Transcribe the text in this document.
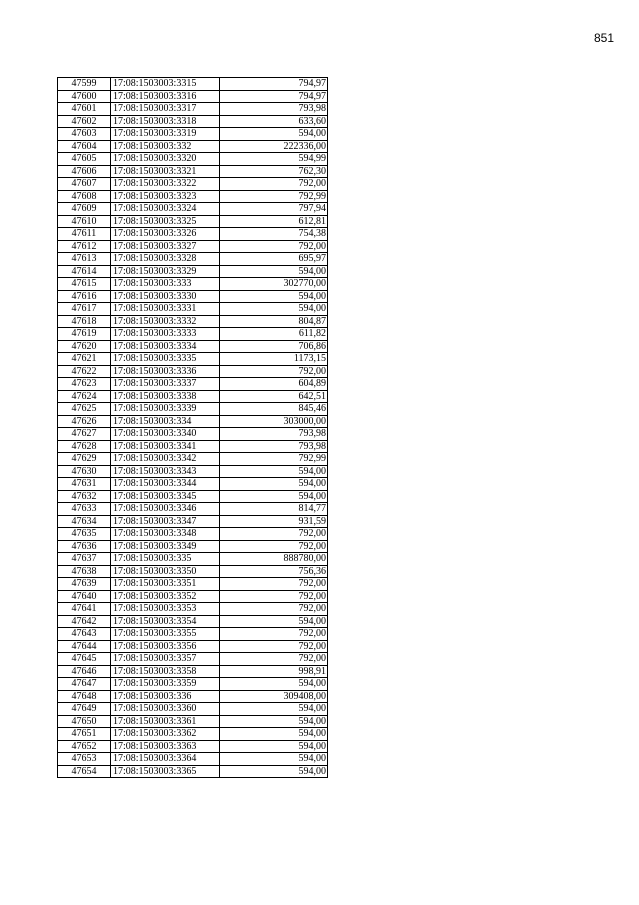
851
47599	17:08:1503003:3315	794,97
47600	17:08:1503003:3316	794,97
47601	17:08:1503003:3317	793,98
47602	17:08:1503003:3318	633,60
47603	17:08:1503003:3319	594,00
47604	17:08:1503003:332	222336,00
47605	17:08:1503003:3320	594,99
47606	17:08:1503003:3321	762,30
47607	17:08:1503003:3322	792,00
47608	17:08:1503003:3323	792,99
47609	17:08:1503003:3324	797,94
47610	17:08:1503003:3325	612,81
47611	17:08:1503003:3326	754,38
47612	17:08:1503003:3327	792,00
47613	17:08:1503003:3328	695,97
47614	17:08:1503003:3329	594,00
47615	17:08:1503003:333	302770,00
47616	17:08:1503003:3330	594,00
47617	17:08:1503003:3331	594,00
47618	17:08:1503003:3332	804,87
47619	17:08:1503003:3333	611,82
47620	17:08:1503003:3334	706,86
47621	17:08:1503003:3335	1173,15
47622	17:08:1503003:3336	792,00
47623	17:08:1503003:3337	604,89
47624	17:08:1503003:3338	642,51
47625	17:08:1503003:3339	845,46
47626	17:08:1503003:334	303000,00
47627	17:08:1503003:3340	793,98
47628	17:08:1503003:3341	793,98
47629	17:08:1503003:3342	792,99
47630	17:08:1503003:3343	594,00
47631	17:08:1503003:3344	594,00
47632	17:08:1503003:3345	594,00
47633	17:08:1503003:3346	814,77
47634	17:08:1503003:3347	931,59
47635	17:08:1503003:3348	792,00
47636	17:08:1503003:3349	792,00
47637	17:08:1503003:335	888780,00
47638	17:08:1503003:3350	756,36
47639	17:08:1503003:3351	792,00
47640	17:08:1503003:3352	792,00
47641	17:08:1503003:3353	792,00
47642	17:08:1503003:3354	594,00
47643	17:08:1503003:3355	792,00
47644	17:08:1503003:3356	792,00
47645	17:08:1503003:3357	792,00
47646	17:08:1503003:3358	998,91
47647	17:08:1503003:3359	594,00
47648	17:08:1503003:336	309408,00
47649	17:08:1503003:3360	594,00
47650	17:08:1503003:3361	594,00
47651	17:08:1503003:3362	594,00
47652	17:08:1503003:3363	594,00
47653	17:08:1503003:3364	594,00
47654	17:08:1503003:3365	594,00
